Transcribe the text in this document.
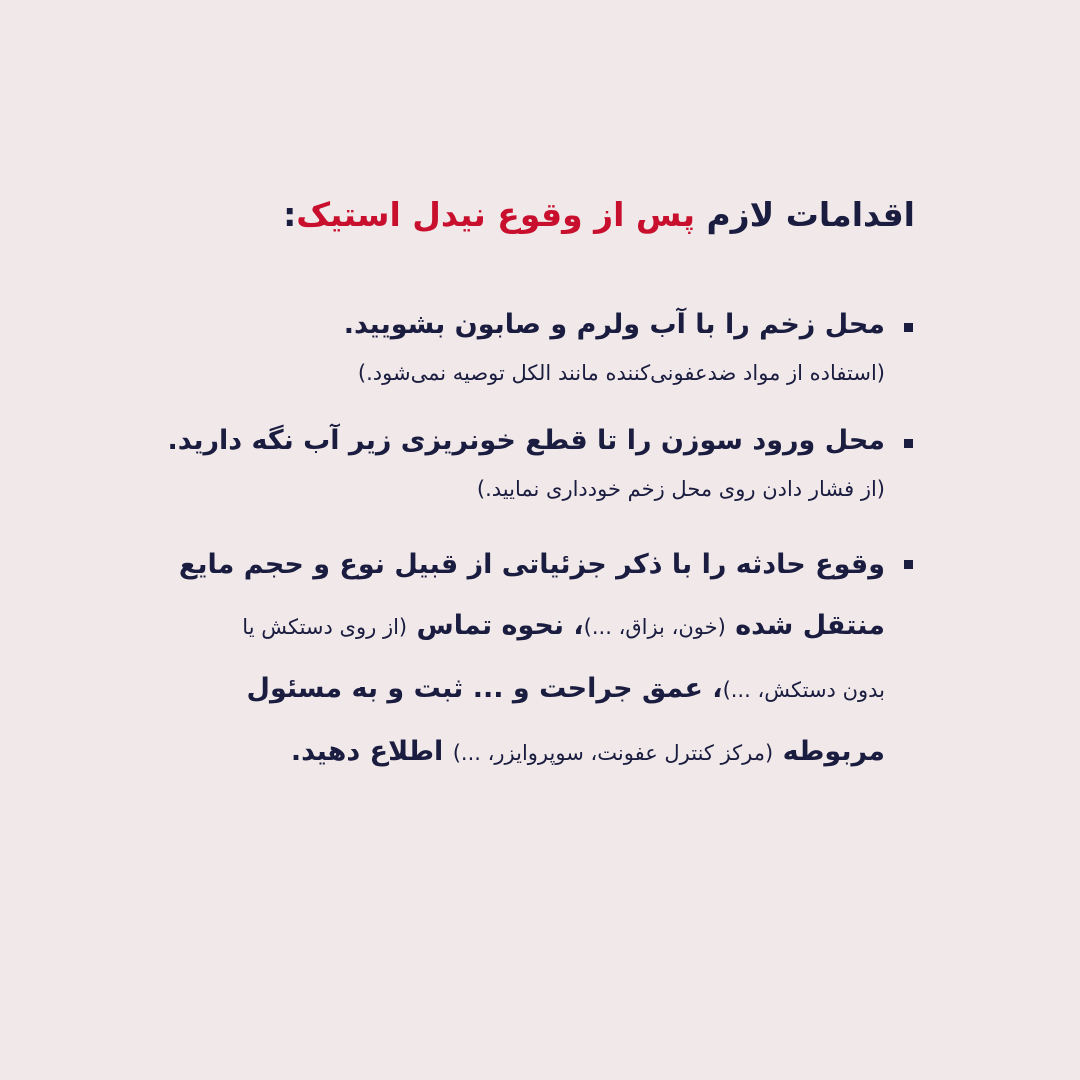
اقدامات لازم پس از وقوع نیدل استیک:
محل زخم را با آب ولرم و صابون بشویید.
(استفاده از مواد ضدعفونی‌کننده مانند الکل توصیه نمی‌شود.)
محل ورود سوزن را تا قطع خونریزی زیر آب نگه دارید.
(از فشار دادن روی محل زخم خودداری نمایید.)
وقوع حادثه را با ذکر جزئیاتی از قبیل نوع و حجم مایع
منتقل شده (خون، بزاق، ...)، نحوه تماس (از روی دستکش یا
بدون دستکش، ...)، عمق جراحت و ... ثبت و به مسئول
مربوطه (مرکز کنترل عفونت، سوپروایزر، ...) اطلاع دهید.
